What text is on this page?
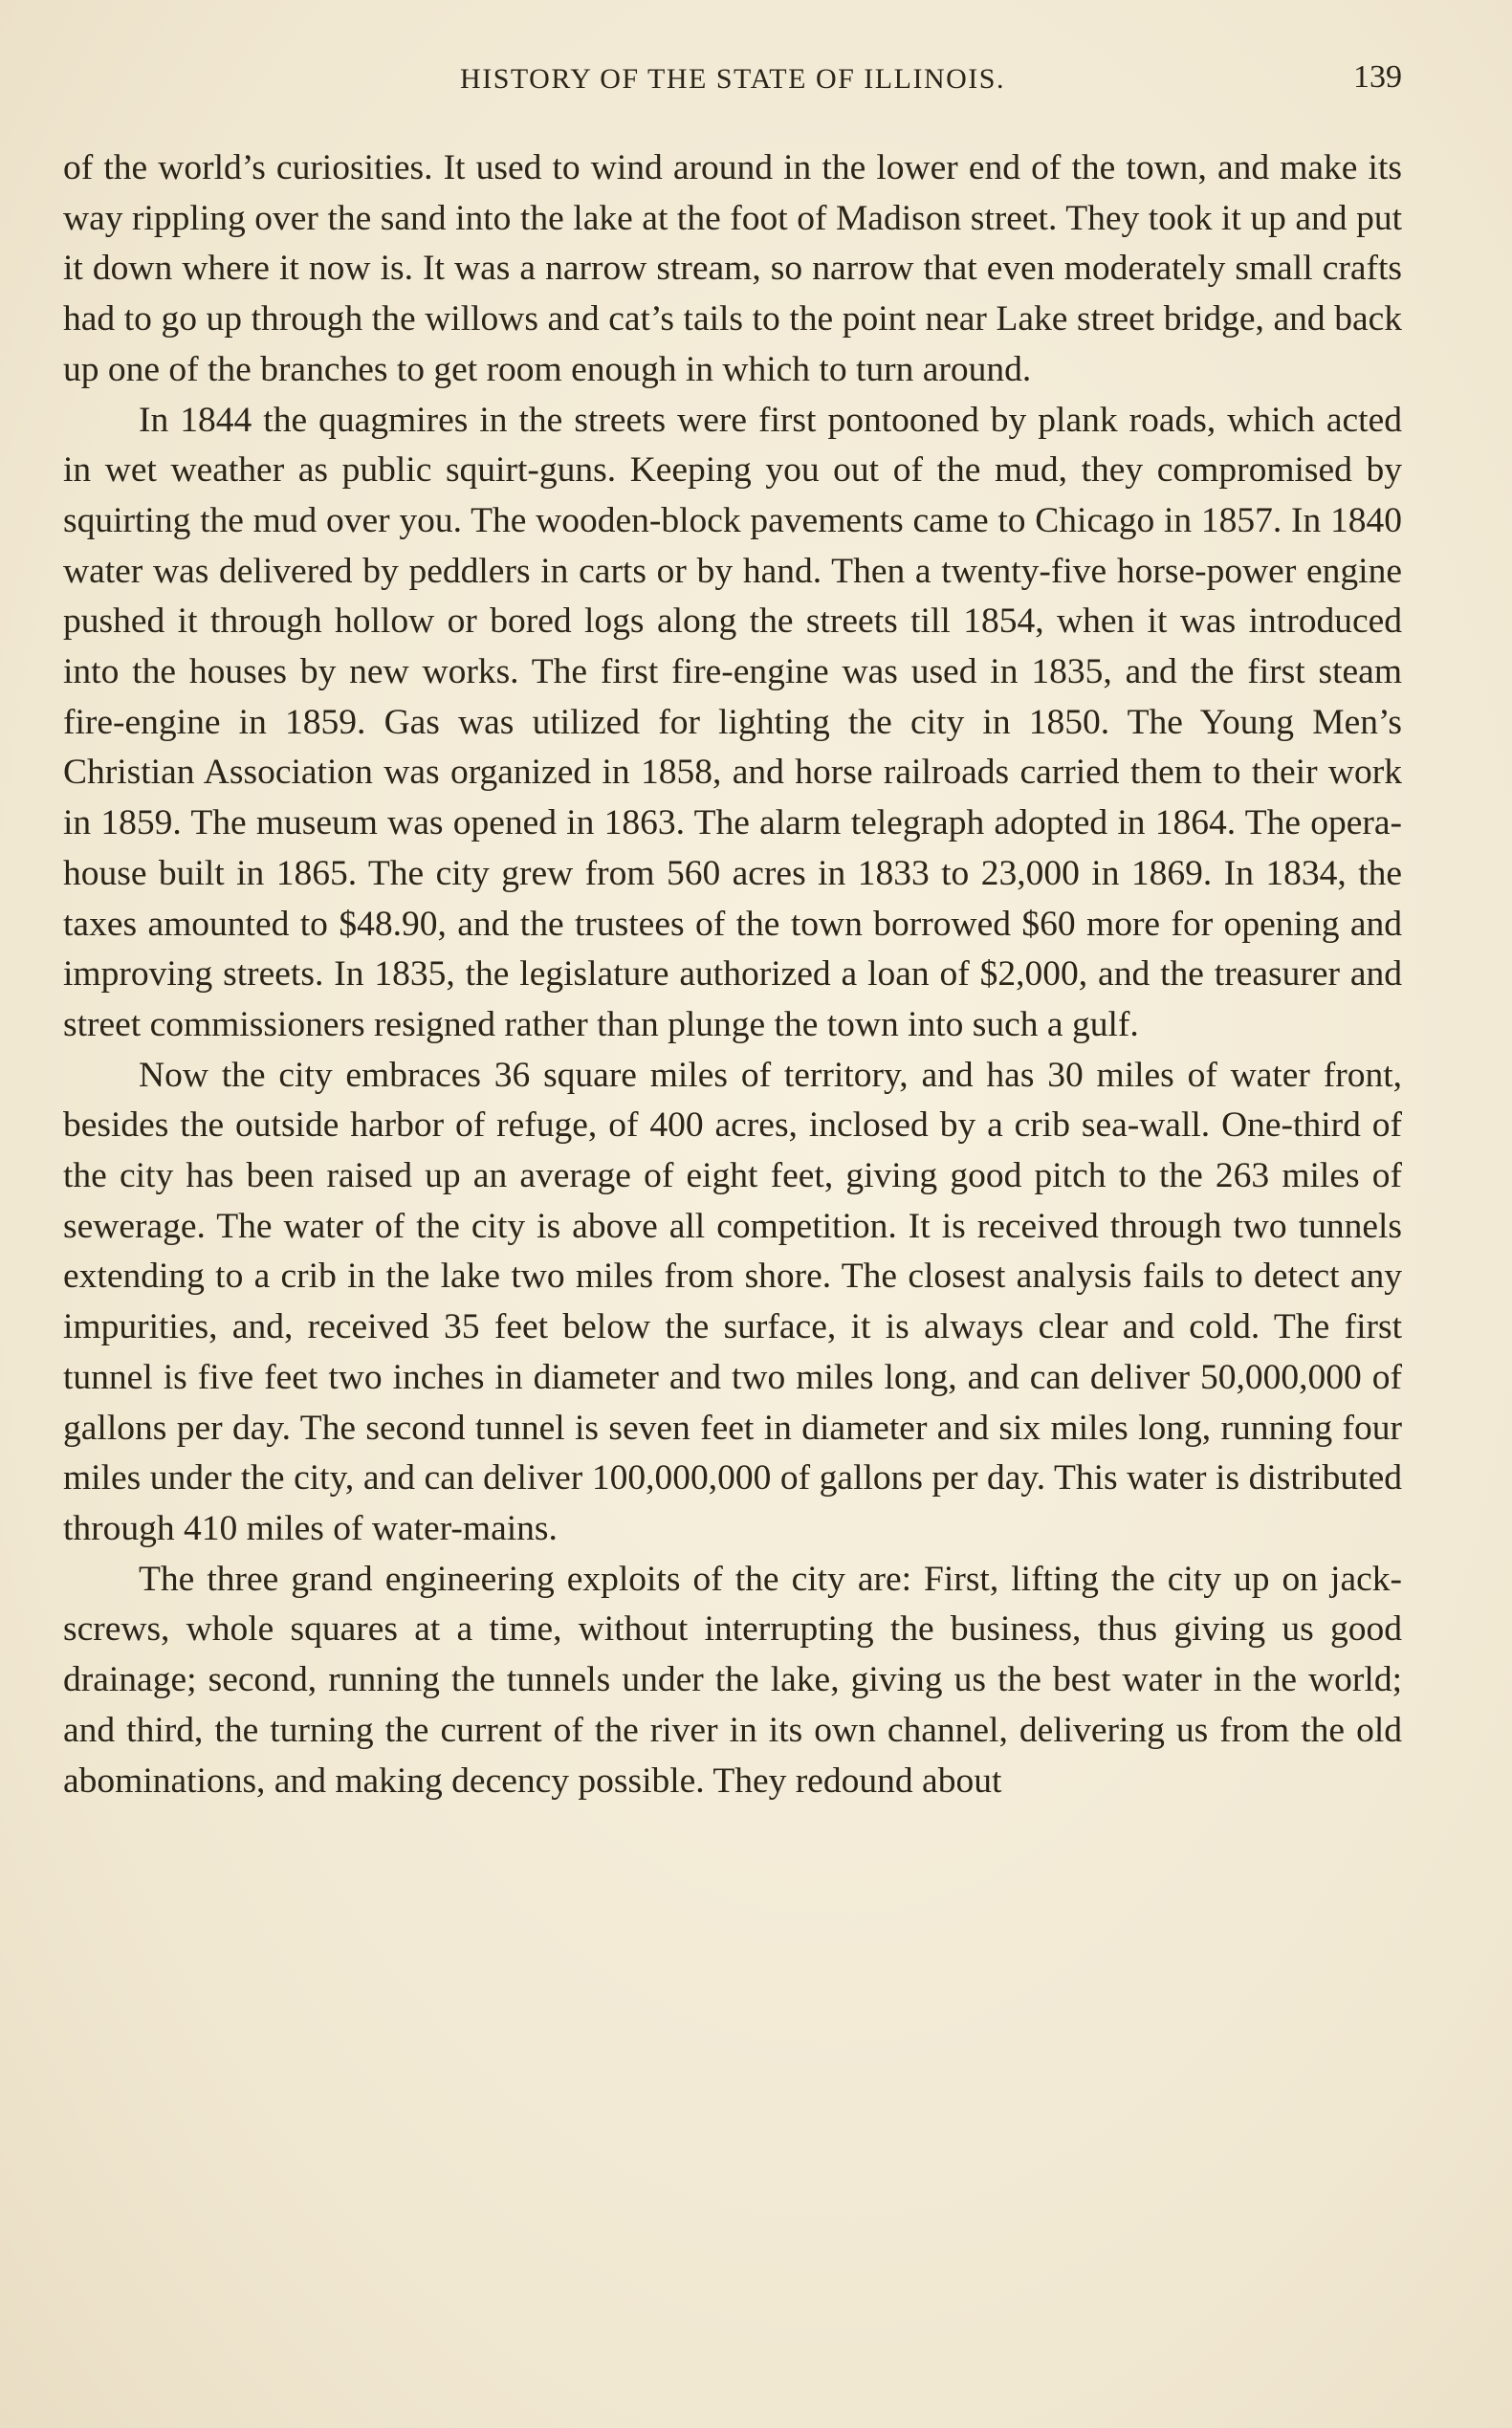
HISTORY OF THE STATE OF ILLINOIS.	139

of the world’s curiosities. It used to wind around in the lower end of the town, and make its way rippling over the sand into the lake at the foot of Madison street. They took it up and put it down where it now is. It was a narrow stream, so narrow that even moderately small crafts had to go up through the willows and cat’s tails to the point near Lake street bridge, and back up one of the branches to get room enough in which to turn around.

In 1844 the quagmires in the streets were first pontooned by plank roads, which acted in wet weather as public squirt-guns. Keeping you out of the mud, they compromised by squirting the mud over you. The wooden-block pavements came to Chicago in 1857. In 1840 water was delivered by peddlers in carts or by hand. Then a twenty-five horse-power engine pushed it through hollow or bored logs along the streets till 1854, when it was introduced into the houses by new works. The first fire-engine was used in 1835, and the first steam fire-engine in 1859. Gas was utilized for lighting the city in 1850. The Young Men’s Christian Association was organized in 1858, and horse railroads carried them to their work in 1859. The museum was opened in 1863. The alarm telegraph adopted in 1864. The opera-house built in 1865. The city grew from 560 acres in 1833 to 23,000 in 1869. In 1834, the taxes amounted to $48.90, and the trustees of the town borrowed $60 more for opening and improving streets. In 1835, the legislature authorized a loan of $2,000, and the treasurer and street commissioners resigned rather than plunge the town into such a gulf.

Now the city embraces 36 square miles of territory, and has 30 miles of water front, besides the outside harbor of refuge, of 400 acres, inclosed by a crib sea-wall. One-third of the city has been raised up an average of eight feet, giving good pitch to the 263 miles of sewerage. The water of the city is above all competition. It is received through two tunnels extending to a crib in the lake two miles from shore. The closest analysis fails to detect any impurities, and, received 35 feet below the surface, it is always clear and cold. The first tunnel is five feet two inches in diameter and two miles long, and can deliver 50,000,000 of gallons per day. The second tunnel is seven feet in diameter and six miles long, running four miles under the city, and can deliver 100,000,000 of gallons per day. This water is distributed through 410 miles of water-mains.

The three grand engineering exploits of the city are: First, lifting the city up on jack-screws, whole squares at a time, without interrupting the business, thus giving us good drainage; second, running the tunnels under the lake, giving us the best water in the world; and third, the turning the current of the river in its own channel, delivering us from the old abominations, and making decency possible. They redound about
